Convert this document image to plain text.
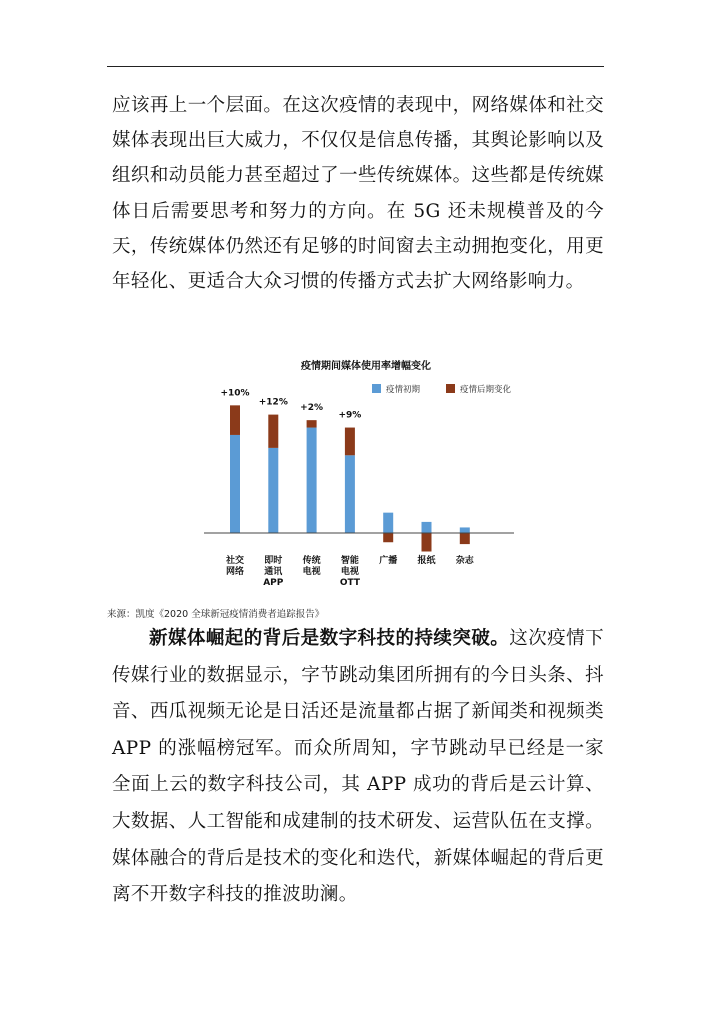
应该再上一个层面。在这次疫情的表现中，网络媒体和社交媒体表现出巨大威力，不仅仅是信息传播，其舆论影响以及组织和动员能力甚至超过了一些传统媒体。这些都是传统媒体日后需要思考和努力的方向。在 5G 还未规模普及的今天，传统媒体仍然还有足够的时间窗去主动拥抱变化，用更年轻化、更适合大众习惯的传播方式去扩大网络影响力。

疫情期间媒体使用率增幅变化
疫情初期	疫情后期变化
社交
网络
即时
通讯
APP
传统
电视
智能
电视
OTT
广播 报纸 杂志
+10%
+12%
+2%
+9%
来源：凯度《2020 全球新冠疫情消费者追踪报告》

新媒体崛起的背后是数字科技的持续突破。这次疫情下传媒行业的数据显示，字节跳动集团所拥有的今日头条、抖音、西瓜视频无论是日活还是流量都占据了新闻类和视频类 APP 的涨幅榜冠军。而众所周知，字节跳动早已经是一家全面上云的数字科技公司，其 APP 成功的背后是云计算、大数据、人工智能和成建制的技术研发、运营队伍在支撑。媒体融合的背后是技术的变化和迭代，新媒体崛起的背后更离不开数字科技的推波助澜。
